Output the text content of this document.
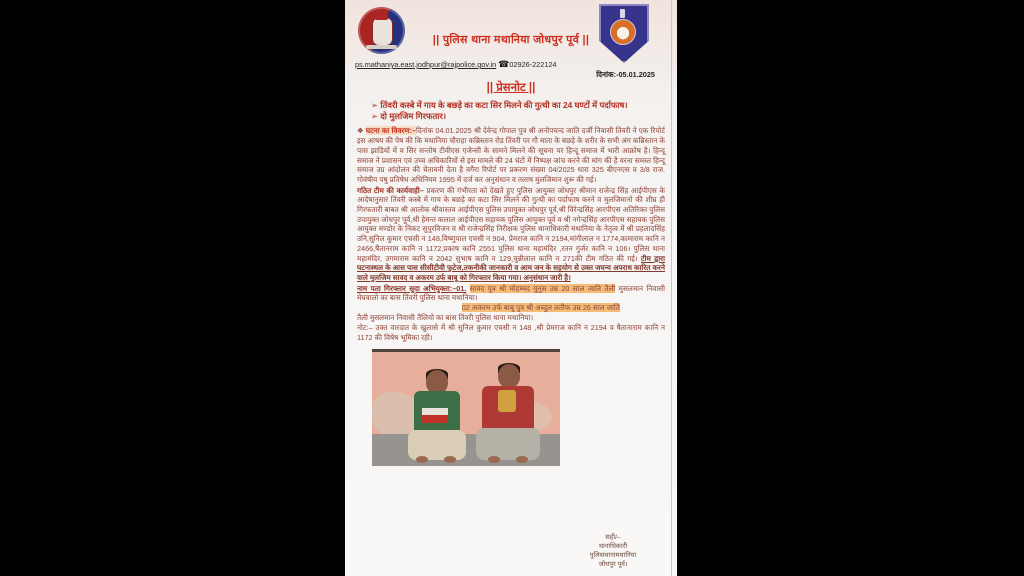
|| पुलिस थाना मथानिया जोधपुर पूर्व ||
ps.mathaniya.east.jodhpur@rajpolice.gov.in ☎02926-222124
दिनांक:-05.01.2025
|| प्रेसनोट ||
➢ तिंवरी कस्बे में गाय के बछड़े का कटा सिर मिलने की गुत्थी का 24 घण्टों में पर्दाफाष।
➢ दो मुलजिम गिरफतार।

❖ घटना का विवरण:–दिनांक 04.01.2025 श्री देवेन्द्र गोपाल पुत्र श्री अनोपचन्द जाति दर्जी निवासी तिंवरी ने एक रिपोर्ट इस आषय की पेष की कि मथानिया चौराहा कब्रिस्तान रोड तिंवरी पर गौ माता के बछड़े के शरीर के सभी अंग कब्रिस्तान के पास झाडियों में व सिर सन्तोष टीवीएस एजेन्सी के सामने मिलने की सूचना पर हिन्दू समाज में भारी आक्रोष है। हिन्दू समाज ने प्रशासन एवं उच्च अधिकारियों से इस मामले की 24 घंटों में निष्पक्ष जांच करने की मांग की है वरना समस्त हिन्दू समाज उग्र आंदोलन की चेतावनी देता है वगैरा रिपोर्ट पर प्रकरण संख्या 04/2025 धारा 325 बीएनएस व 3/8 राज. गोवंषीय पषु प्रतिषेध अधिनियम 1995 में दर्ज कर अनुसंधान व तलाष मुलजिमान शुरू की गई।

गठित टीम की कार्यवाही– प्रकरण की गंभीरता को देखते हुए पुलिस आयुक्त जोधपुर श्रीमान राजेन्द्र सिंह आईपीएस के आदेषानुसार तिंवरी कस्बे में गाय के बछड़े का कटा सिर मिलने की गुत्थी का पर्दाफाष करने व मुलजिमानो की शीघ्र ही गिरफतारी बाबत श्री आलोक श्रीवास्तव आईपीएस पुलिस उपायुक्त जोधपुर पूर्व,श्री विरेन्द्रसिंह आरपीएस अतिरिक्त पुलिस उपायुक्त जोधपुर पूर्व,श्री हेमन्त कलाल आईपीएस सहायक पुलिस आयुक्त पूर्व व श्री नगेन्द्रसिंह आरपीएस सहायक पुलिस आयुक्त मण्डोर के निकट सुपुरविजन व श्री राजेन्द्रसिंह निरीक्षक पुलिस थानाधिकारी मथानिया के नेतृत्व में श्री प्रहलादसिंह उनि,सुनिल कुमार एचसी न 148,विष्णुपाल एचसी न 904, प्रेमराज कानि न 2194,मांगीलाल न 1774,कामाराम कानि न 2466,षैतानराम कानि न 1172,प्रकाष कानि 2551 पुलिस थाना महामंदिर ,रतन गुर्जर कानि न 106। पुलिस थाना महामंदिर, उगमाराम कानि न 2042 सुभाष कानि न 129,चुन्नीलाल कानि न 271की टीम गठित की गई। टीम द्वारा घटनास्थल के आस पास सीसीटीवी फुटेज,तकनीकी जानकारी व आम जन के सहयोग से उक्त जघन्य अपराध कारित करने वाले मुलजिम सावद व अकरम उर्फ बाबू को गिरफ्तार किया गया। अनुसंधान जारी है।

नाम पता गिरफ्तार सुदा अभियुक्ता:–01. सावद पुत्र श्री मोहम्मद युनुस उम्र 20 साल जाति तैली मुसलमान निवासी मेघवालो का बास तिंवरी पुलिस थाना मथानिया।
02 अकरम उर्फ बाबू पुत्र श्री अब्दुल लतीफ उम्र 26 साल जाति
तैली मुसलमान निवासी तैलियो का बास तिंवरी पुलिस थाना मथानिया।

नोट:– उक्त वारदात के खुलासे में श्री सुनिल कुमार एचसी न 148 ,श्री प्रेमराज कानि न 2194 व षैतानाराम कानि न 1172 की विषेष भूमिका रही।

सही/–
थानाधिकारी
पुलिसथानामथानिया
जोधपुर पूर्व।
